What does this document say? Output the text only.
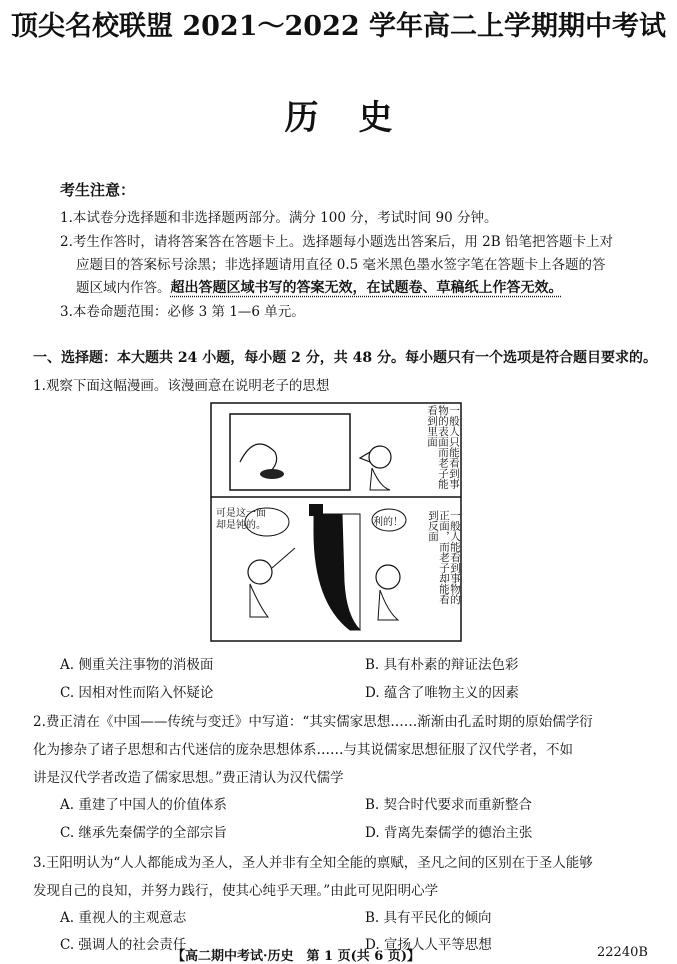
顶尖名校联盟 2021～2022 学年高二上学期期中考试
历史
考生注意：
1.本试卷分选择题和非选择题两部分。满分 100 分，考试时间 90 分钟。
2.考生作答时，请将答案答在答题卡上。选择题每小题选出答案后，用 2B 铅笔把答题卡上对
应题目的答案标号涂黑；非选择题请用直径 0.5 毫米黑色墨水签字笔在答题卡上各题的答
题区域内作答。超出答题区域书写的答案无效，在试题卷、草稿纸上作答无效。
3.本卷命题范围：必修 3 第 1—6 单元。
一、选择题：本大题共 24 小题，每小题 2 分，共 48 分。每小题只有一个选项是符合题目要求的。
1.观察下面这幅漫画。该漫画意在说明老子的思想
一般人只能看到事物的表面而老子能看到里面
可是这一面却是钝的。	利的！	一般人能看到事物的正面，而老子却能看到反面
A. 侧重关注事物的消极面	B. 具有朴素的辩证法色彩
C. 因相对性而陷入怀疑论	D. 蕴含了唯物主义的因素
2.费正清在《中国——传统与变迁》中写道：“其实儒家思想……渐渐由孔孟时期的原始儒学衍
化为掺杂了诸子思想和古代迷信的庞杂思想体系……与其说儒家思想征服了汉代学者，不如
讲是汉代学者改造了儒家思想。”费正清认为汉代儒学
A. 重建了中国人的价值体系	B. 契合时代要求而重新整合
C. 继承先秦儒学的全部宗旨	D. 背离先秦儒学的德治主张
3.王阳明认为“人人都能成为圣人，圣人并非有全知全能的禀赋，圣凡之间的区别在于圣人能够
发现自己的良知，并努力践行，使其心纯乎天理。”由此可见阳明心学
A. 重视人的主观意志	B. 具有平民化的倾向
C. 强调人的社会责任	D. 宣扬人人平等思想
【高二期中考试·历史　第 1 页(共 6 页)】	22240B
